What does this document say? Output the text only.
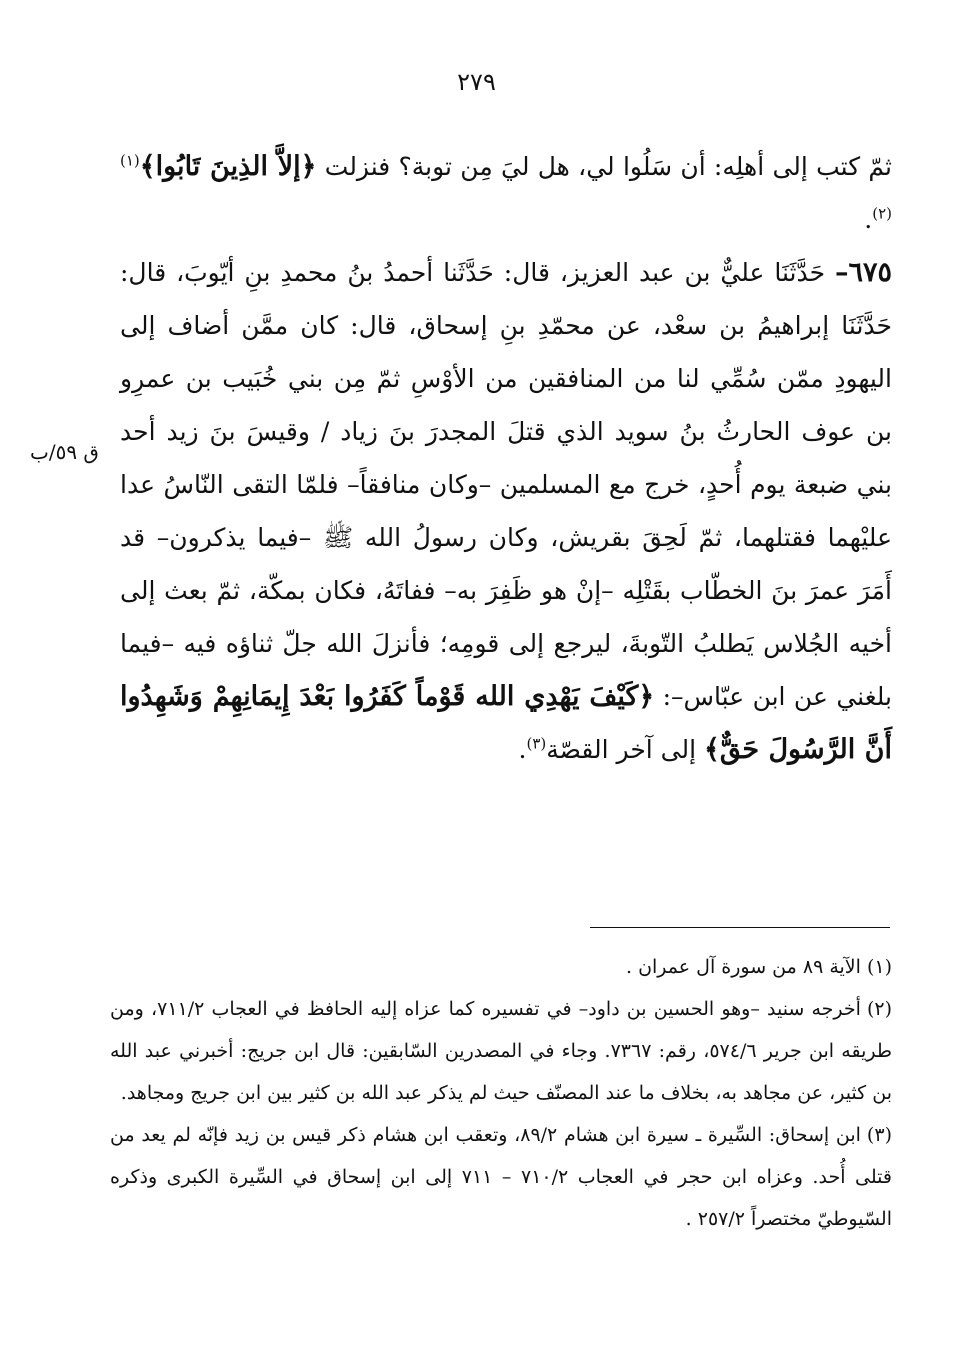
٢٧٩
ق ٥٩/ب

ثمّ كتب إلى أهلِه: أن سَلُوا لي، هل ليَ مِن توبة؟ فنزلت ﴿إلاَّ الذِينَ تَابُوا﴾$^{(١) (٢)}$.

٦٧٥– حَدَّثَنَا عليٌّ بن عبد العزيز، قال: حَدَّثَنا أحمدُ بنُ محمدِ بنِ أيّوبَ، قال: حَدَّثَنَا إبراهيمُ بن سعْد، عن محمّدِ بنِ إسحاق، قال: كان ممَّن أضاف إلى اليهودِ ممّن سُمِّي لنا من المنافقين من الأوْسِ ثمّ مِن بني خُبَيب بن عمرِو بن عوف الحارثُ بنُ سويد الذي قتلَ المجدرَ بنَ زياد / وقيسَ بنَ زيد أحد بني ضبعة يوم أُحدٍ، خرج مع المسلمين –وكان منافقاً– فلمّا التقى النّاسُ عدا عليْهما فقتلهما، ثمّ لَحِقَ بقريش، وكان رسولُ الله ﷺ –فيما يذكرون– قد أَمَرَ عمرَ بنَ الخطّاب بقَتْلِه –إنْ هو ظَفِرَ به– ففاتَهُ، فكان بمكّة، ثمّ بعث إلى أخيه الجُلاس يَطلبُ التّوبةَ، ليرجع إلى قومِه؛ فأنزلَ الله جلّ ثناؤه فيه –فيما بلغني عن ابن عبّاس–: ﴿كَيْفَ يَهْدِي الله قَوْماً كَفَرُوا بَعْدَ إِيمَانِهِمْ وَشَهِدُوا أَنَّ الرَّسُولَ حَقٌّ﴾ إلى آخر القصّة$^{(٣)}$.

(١)الآية ٨٩ من سورة آل عمران .

(٢)أخرجه سنيد –وهو الحسين بن داود– في تفسيره كما عزاه إليه الحافظ في العجاب ٧١١/٢، ومن طريقه ابن جرير ٥٧٤/٦، رقم: ٧٣٦٧. وجاء في المصدرين السّابقين: قال ابن جريج: أخبرني عبد الله بن كثير، عن مجاهد به، بخلاف ما عند المصنّف حيث لم يذكر عبد الله بن كثير بين ابن جريج ومجاهد.

(٣)ابن إسحاق: السِّيرة ـ سيرة ابن هشام ٨٩/٢، وتعقب ابن هشام ذكر قيس بن زيد فإنّه لم يعد من قتلى أُحد. وعزاه ابن حجر في العجاب ٧١٠/٢ – ٧١١ إلى ابن إسحاق في السِّيرة الكبرى وذكره السّيوطيّ مختصراً ٢٥٧/٢ .
